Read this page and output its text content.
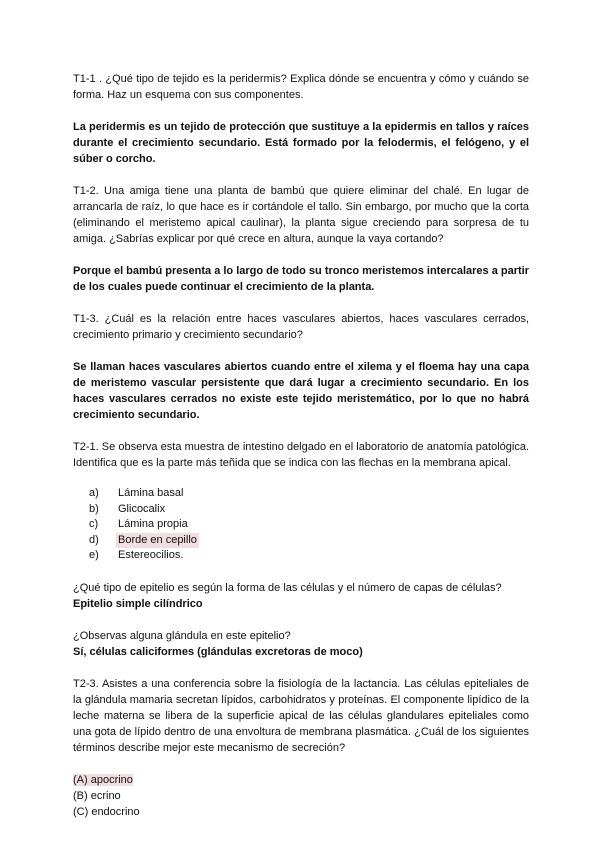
T1-1 . ¿Qué tipo de tejido es la peridermis? Explica dónde se encuentra y cómo y cuándo se forma. Haz un esquema con sus componentes.

La peridermis es un tejido de protección que sustituye a la epidermis en tallos y raíces durante el crecimiento secundario. Está formado por la felodermis, el felógeno, y el súber o corcho.

T1-2. Una amiga tiene una planta de bambú que quiere eliminar del chalé. En lugar de arrancarla de raíz, lo que hace es ir cortándole el tallo. Sin embargo, por mucho que la corta (eliminando el meristemo apical caulinar), la planta sigue creciendo para sorpresa de tu amiga. ¿Sabrías explicar por qué crece en altura, aunque la vaya cortando?

Porque el bambú presenta a lo largo de todo su tronco meristemos intercalares a partir de los cuales puede continuar el crecimiento de la planta.

T1-3. ¿Cuál es la relación entre haces vasculares abiertos, haces vasculares cerrados, crecimiento primario y crecimiento secundario?

Se llaman haces vasculares abiertos cuando entre el xilema y el floema hay una capa de meristemo vascular persistente que dará lugar a crecimiento secundario. En los haces vasculares cerrados no existe este tejido meristemático, por lo que no habrá crecimiento secundario.

T2-1. Se observa esta muestra de intestino delgado en el laboratorio de anatomía patológica. Identifica que es la parte más teñida que se indica con las flechas en la membrana apical.

a)	Lámina basal
b)	Glicocalix
c)	Lámina propia
d)	Borde en cepillo
e)	Estereocilios.

¿Qué tipo de epitelio es según la forma de las células y el número de capas de células?

Epitelio simple cilíndrico

¿Observas alguna glándula en este epitelio?

Sí, células caliciformes (glándulas excretoras de moco)

T2-3. Asistes a una conferencia sobre la fisiología de la lactancia. Las células epiteliales de la glándula mamaria secretan lípidos, carbohidratos y proteínas. El componente lipídico de la leche materna se libera de la superficie apical de las células glandulares epiteliales como una gota de lípido dentro de una envoltura de membrana plasmática. ¿Cuál de los siguientes términos describe mejor este mecanismo de secreción?

(A) apocrino

(B) ecrino

(C) endocrino
